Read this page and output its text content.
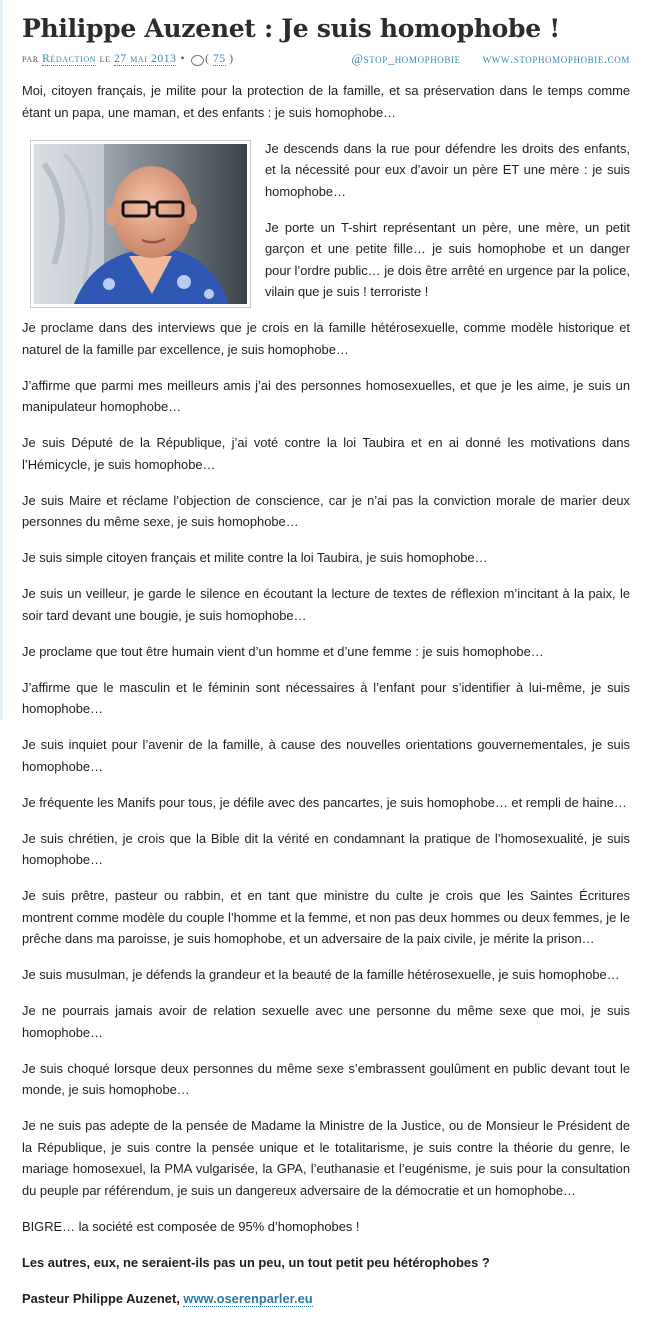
Philippe Auzenet : Je suis homophobe !
par
Rédaction
le
27 mai 2013 • (
75
)	@stop_homophobie www.stophomophobie.com

Moi, citoyen français, je milite pour la protection de la famille, et sa préservation dans le temps comme étant un papa, une maman, et des enfants : je suis homophobe…

Je descends dans la rue pour défendre les droits des enfants, et la nécessité pour eux d’avoir un père ET une mère : je suis homophobe…

Je porte un T-shirt représentant un père, une mère, un petit garçon et une petite fille… je suis homophobe et un danger pour l’ordre public… je dois être arrêté en urgence par la police, vilain que je suis ! terroriste !

Je proclame dans des interviews que je crois en la famille hétérosexuelle, comme modèle historique et naturel de la famille par excellence, je suis homophobe…

J’affirme que parmi mes meilleurs amis j’ai des personnes homosexuelles, et que je les aime, je suis un manipulateur homophobe…

Je suis Député de la République, j’ai voté contre la loi Taubira et en ai donné les motivations dans l’Hémicycle, je suis homophobe…

Je suis Maire et réclame l’objection de conscience, car je n’ai pas la conviction morale de marier deux personnes du même sexe, je suis homophobe…

Je suis simple citoyen français et milite contre la loi Taubira, je suis homophobe…

Je suis un veilleur, je garde le silence en écoutant la lecture de textes de réflexion m’incitant à la paix, le soir tard devant une bougie, je suis homophobe…

Je proclame que tout être humain vient d’un homme et d’une femme : je suis homophobe…

J’affirme que le masculin et le féminin sont nécessaires à l’enfant pour s’identifier à lui-même, je suis homophobe…

Je suis inquiet pour l’avenir de la famille, à cause des nouvelles orientations gouvernementales, je suis homophobe…

Je fréquente les Manifs pour tous, je défile avec des pancartes, je suis homophobe… et rempli de haine…

Je suis chrétien, je crois que la Bible dit la vérité en condamnant la pratique de l’homosexualité, je suis homophobe…

Je suis prêtre, pasteur ou rabbin, et en tant que ministre du culte je crois que les Saintes Écritures montrent comme modèle du couple l’homme et la femme, et non pas deux hommes ou deux femmes, je le prêche dans ma paroisse, je suis homophobe, et un adversaire de la paix civile, je mérite la prison…

Je suis musulman, je défends la grandeur et la beauté de la famille hétérosexuelle, je suis homophobe…

Je ne pourrais jamais avoir de relation sexuelle avec une personne du même sexe que moi, je suis homophobe…

Je suis choqué lorsque deux personnes du même sexe s’embrassent goulûment en public devant tout le monde, je suis homophobe…

Je ne suis pas adepte de la pensée de Madame la Ministre de la Justice, ou de Monsieur le Président de la République, je suis contre la pensée unique et le totalitarisme, je suis contre la théorie du genre, le mariage homosexuel, la PMA vulgarisée, la GPA, l’euthanasie et l’eugénisme, je suis pour la consultation du peuple par référendum, je suis un dangereux adversaire de la démocratie et un homophobe…

BIGRE… la société est composée de 95% d’homophobes !

Les autres, eux, ne seraient-ils pas un peu, un tout petit peu hétérophobes ?

Pasteur Philippe Auzenet, www.oserenparler.eu
